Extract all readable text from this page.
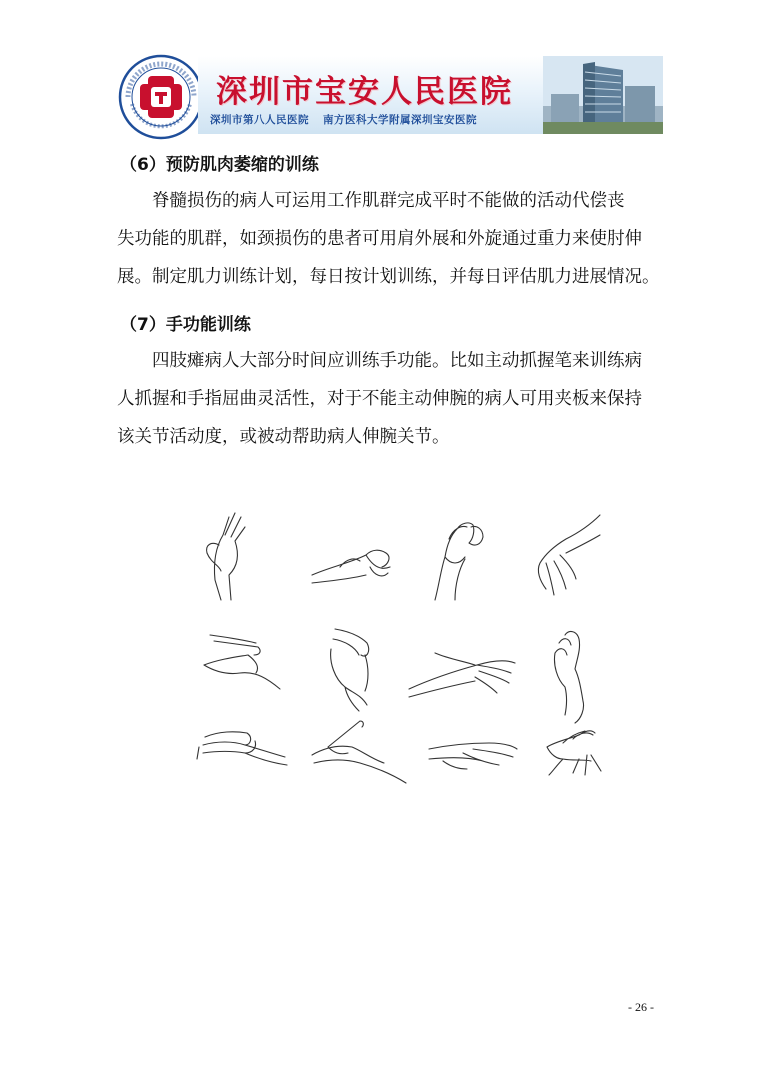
深圳市宝安人民医院
深圳市第八人民医院 南方医科大学附属深圳宝安医院
（6）预防肌肉萎缩的训练
脊髓损伤的病人可运用工作肌群完成平时不能做的活动代偿丧
失功能的肌群，如颈损伤的患者可用肩外展和外旋通过重力来使肘伸
展。制定肌力训练计划，每日按计划训练，并每日评估肌力进展情况。
（7）手功能训练
四肢瘫病人大部分时间应训练手功能。比如主动抓握笔来训练病
人抓握和手指屈曲灵活性，对于不能主动伸腕的病人可用夹板来保持
该关节活动度，或被动帮助病人伸腕关节。
- 26 -
